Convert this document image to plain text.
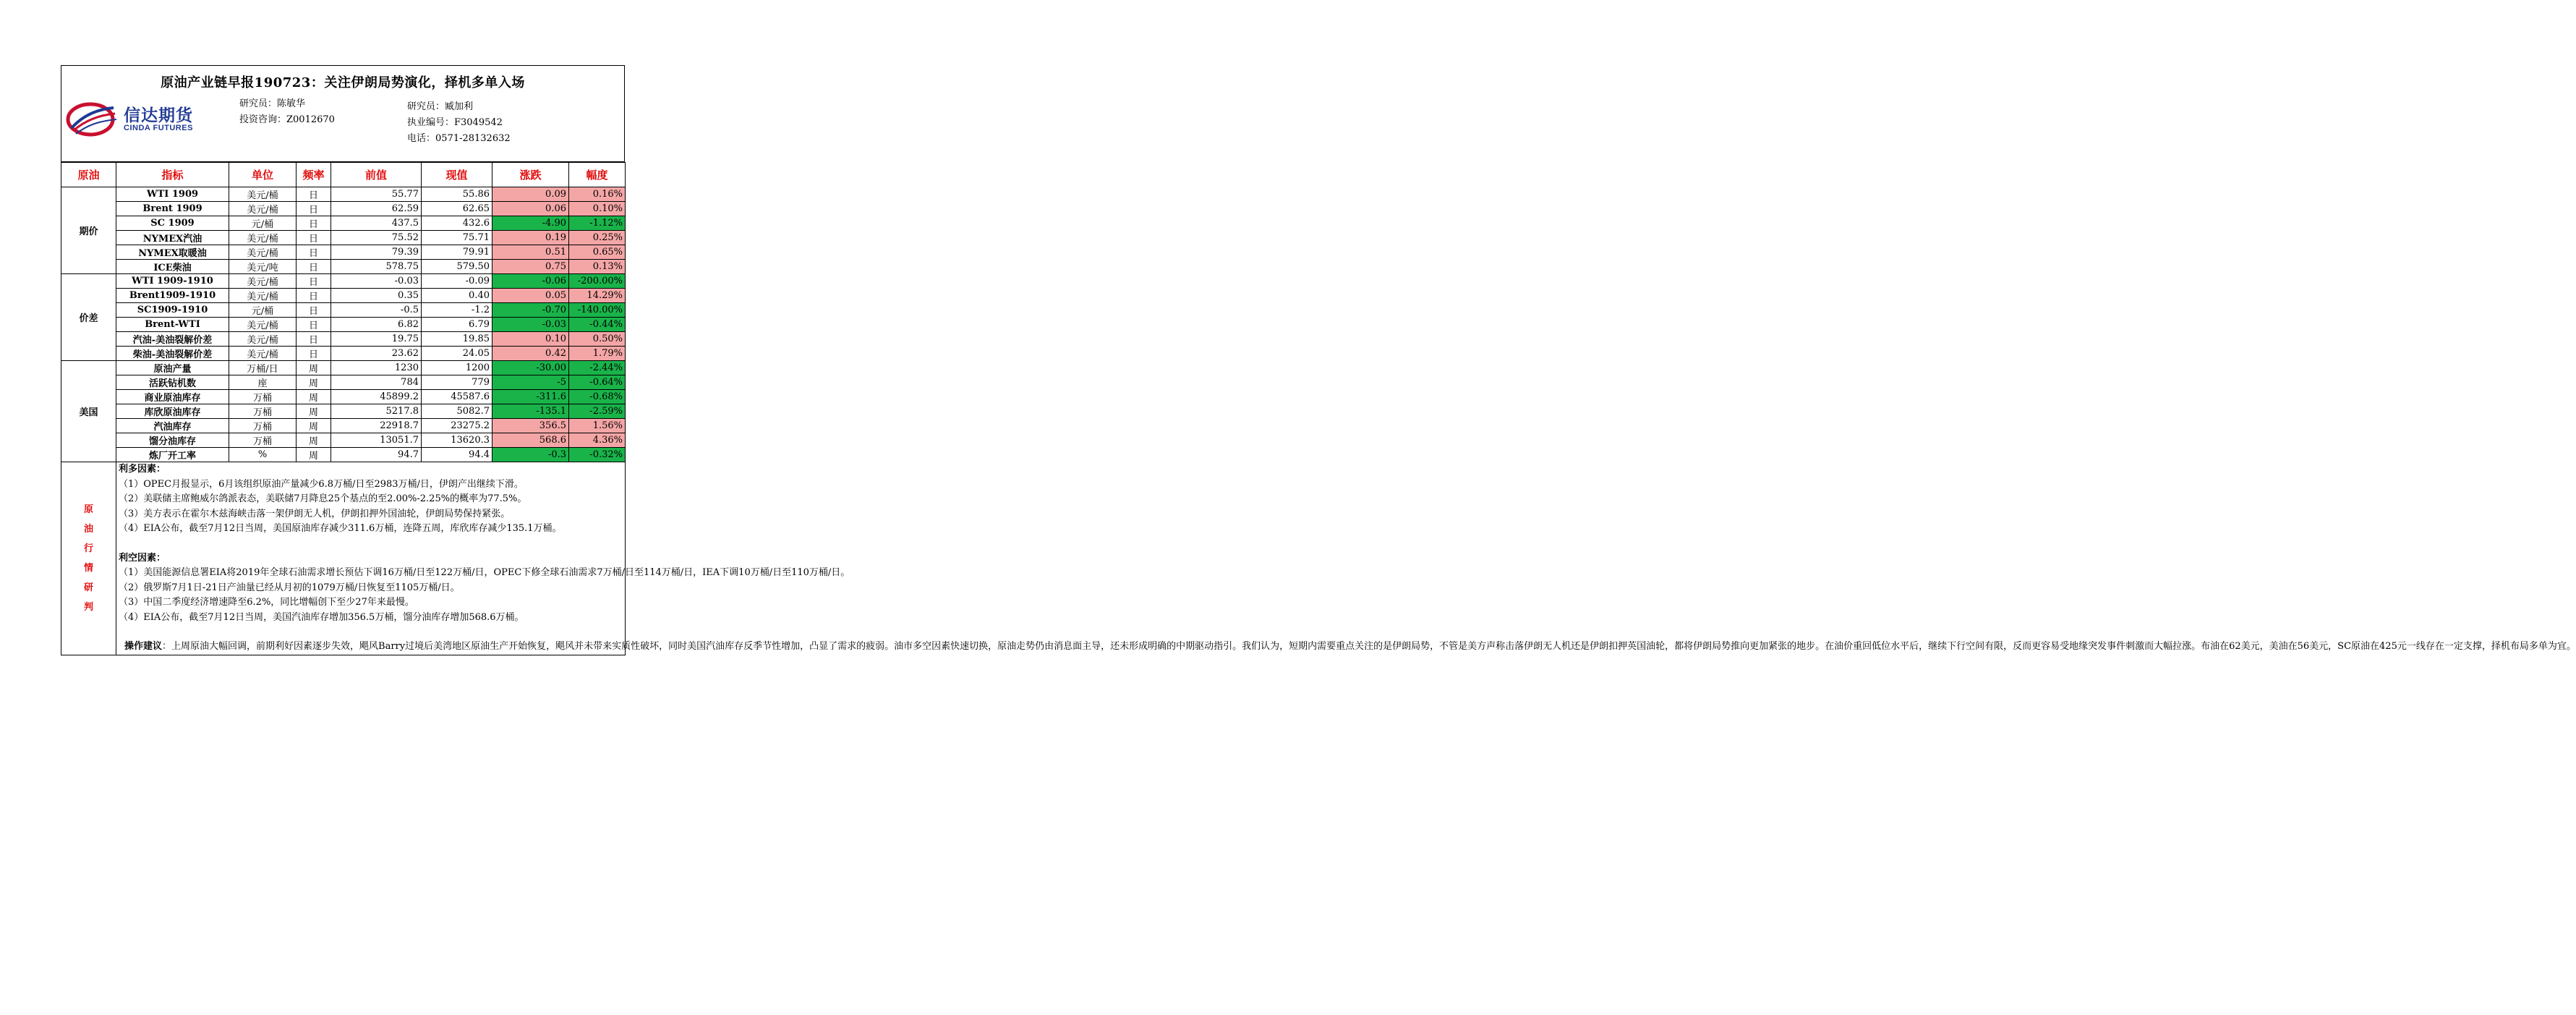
原油产业链早报190723：关注伊朗局势演化，择机多单入场
信达期货
CINDA FUTURES
研究员：陈敏华
投资咨询：Z0012670
研究员：臧加利
执业编号：F3049542
电话：0571-28132632
原油	指标	单位	频率	前值	现值	涨跌	幅度
期价	WTI 1909	美元/桶	日	55.77	55.86	0.09	0.16%
	Brent 1909	美元/桶	日	62.59	62.65	0.06	0.10%
	SC 1909	元/桶	日	437.5	432.6	-4.90	-1.12%
	NYMEX汽油	美元/桶	日	75.52	75.71	0.19	0.25%
	NYMEX取暖油	美元/桶	日	79.39	79.91	0.51	0.65%
	ICE柴油	美元/吨	日	578.75	579.50	0.75	0.13%
价差	WTI 1909-1910	美元/桶	日	-0.03	-0.09	-0.06	-200.00%
	Brent1909-1910	美元/桶	日	0.35	0.40	0.05	14.29%
	SC1909-1910	元/桶	日	-0.5	-1.2	-0.70	-140.00%
	Brent-WTI	美元/桶	日	6.82	6.79	-0.03	-0.44%
	汽油-美油裂解价差	美元/桶	日	19.75	19.85	0.10	0.50%
	柴油-美油裂解价差	美元/桶	日	23.62	24.05	0.42	1.79%
美国	原油产量	万桶/日	周	1230	1200	-30.00	-2.44%
	活跃钻机数	座	周	784	779	-5	-0.64%
	商业原油库存	万桶	周	45899.2	45587.6	-311.6	-0.68%
	库欣原油库存	万桶	周	5217.8	5082.7	-135.1	-2.59%
	汽油库存	万桶	周	22918.7	23275.2	356.5	1.56%
	馏分油库存	万桶	周	13051.7	13620.3	568.6	4.36%
	炼厂开工率	%	周	94.7	94.4	-0.3	-0.32%
原
油
行
情
研
判

利多因素：

（1）OPEC月报显示，6月该组织原油产量减少6.8万桶/日至2983万桶/日，伊朗产出继续下滑。

（2）美联储主席鲍威尔鸽派表态，美联储7月降息25个基点的至2.00%-2.25%的概率为77.5%。

（3）美方表示在霍尔木兹海峡击落一架伊朗无人机，伊朗扣押外国油轮，伊朗局势保持紧张。

（4）EIA公布，截至7月12日当周，美国原油库存减少311.6万桶，连降五周，库欣库存减少135.1万桶。

利空因素：

（1）美国能源信息署EIA将2019年全球石油需求增长预估下调16万桶/日至122万桶/日，OPEC下修全球石油需求7万桶/日至114万桶/日，IEA下调10万桶/日至110万桶/日。

（2）俄罗斯7月1日-21日产油量已经从月初的1079万桶/日恢复至1105万桶/日。

（3）中国二季度经济增速降至6.2%，同比增幅创下至少27年来最慢。

（4）EIA公布，截至7月12日当周，美国汽油库存增加356.5万桶，馏分油库存增加568.6万桶。

操作建议：上周原油大幅回调，前期利好因素逐步失效，飓风Barry过境后美湾地区原油生产开始恢复，飓风并未带来实质性破坏，同时美国汽油库存反季节性增加，凸显了需求的疲弱。油市多空因素快速切换，原油走势仍由消息面主导，还未形成明确的中期驱动指引。我们认为，短期内需要重点关注的是伊朗局势，不管是美方声称击落伊朗无人机还是伊朗扣押英国油轮，都将伊朗局势推向更加紧张的地步。在油价重回低位水平后，继续下行空间有限，反而更容易受地缘突发事件刺激而大幅拉涨。布油在62美元，美油在56美元，SC原油在425元一线存在一定支撑，择机布局多单为宜。
